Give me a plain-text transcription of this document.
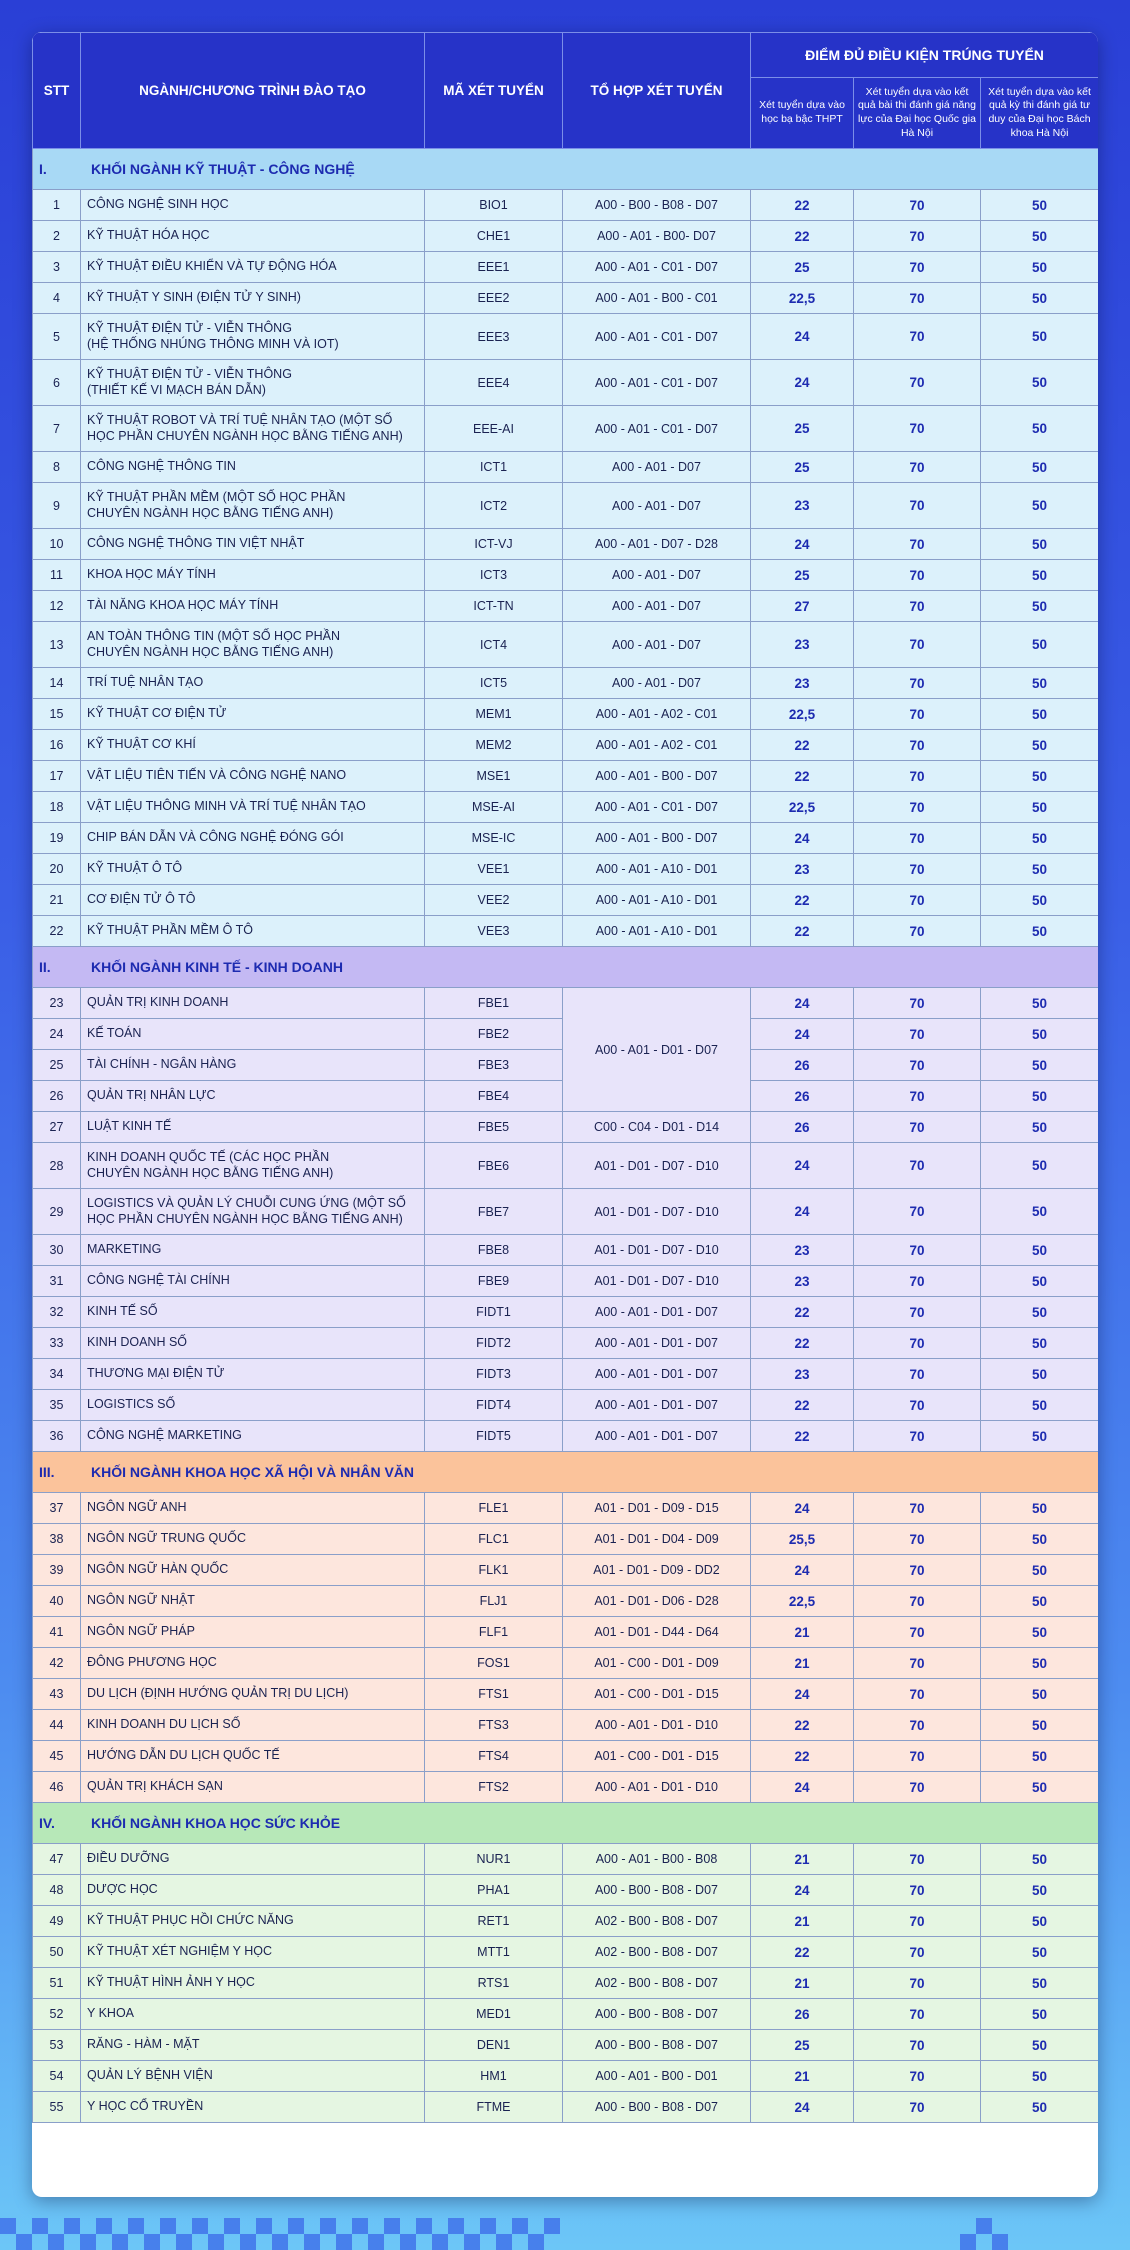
STT	NGÀNH/CHƯƠNG TRÌNH ĐÀO TẠO	MÃ XÉT TUYỂN	TỔ HỢP XÉT TUYỂN	ĐIỂM ĐỦ ĐIỀU KIỆN TRÚNG TUYỂN		
				Xét tuyển dựa vào học bạ bậc THPT	Xét tuyển dựa vào kết quả bài thi đánh giá năng lực của Đại học Quốc gia Hà Nội	Xét tuyển dựa vào kết quả kỳ thi đánh giá tư duy của Đại học Bách khoa Hà Nội
I. KHỐI NGÀNH KỸ THUẬT - CÔNG NGHỆ						
1	CÔNG NGHỆ SINH HỌC	BIO1	A00 - B00 - B08 - D07	22	70	50
2	KỸ THUẬT HÓA HỌC	CHE1	A00 - A01 - B00- D07	22	70	50
3	KỸ THUẬT ĐIỀU KHIỂN VÀ TỰ ĐỘNG HÓA	EEE1	A00 - A01 - C01 - D07	25	70	50
4	KỸ THUẬT Y SINH (ĐIỆN TỬ Y SINH)	EEE2	A00 - A01 - B00 - C01	22,5	70	50
5	KỸ THUẬT ĐIỆN TỬ - VIỄN THÔNG
(HỆ THỐNG NHÚNG THÔNG MINH VÀ IOT)	EEE3	A00 - A01 - C01 - D07	24	70	50
6	KỸ THUẬT ĐIỆN TỬ - VIỄN THÔNG
(THIẾT KẾ VI MẠCH BÁN DẪN)	EEE4	A00 - A01 - C01 - D07	24	70	50
7	KỸ THUẬT ROBOT VÀ TRÍ TUỆ NHÂN TẠO (MỘT SỐ
HỌC PHẦN CHUYÊN NGÀNH HỌC BẰNG TIẾNG ANH)	EEE-AI	A00 - A01 - C01 - D07	25	70	50
8	CÔNG NGHỆ THÔNG TIN	ICT1	A00 - A01 - D07	25	70	50
9	KỸ THUẬT PHẦN MỀM (MỘT SỐ HỌC PHẦN
CHUYÊN NGÀNH HỌC BẰNG TIẾNG ANH)	ICT2	A00 - A01 - D07	23	70	50
10	CÔNG NGHỆ THÔNG TIN VIỆT NHẬT	ICT-VJ	A00 - A01 - D07 - D28	24	70	50
11	KHOA HỌC MÁY TÍNH	ICT3	A00 - A01 - D07	25	70	50
12	TÀI NĂNG KHOA HỌC MÁY TÍNH	ICT-TN	A00 - A01 - D07	27	70	50
13	AN TOÀN THÔNG TIN (MỘT SỐ HỌC PHẦN
CHUYÊN NGÀNH HỌC BẰNG TIẾNG ANH)	ICT4	A00 - A01 - D07	23	70	50
14	TRÍ TUỆ NHÂN TẠO	ICT5	A00 - A01 - D07	23	70	50
15	KỸ THUẬT CƠ ĐIỆN TỬ	MEM1	A00 - A01 - A02 - C01	22,5	70	50
16	KỸ THUẬT CƠ KHÍ	MEM2	A00 - A01 - A02 - C01	22	70	50
17	VẬT LIỆU TIÊN TIẾN VÀ CÔNG NGHỆ NANO	MSE1	A00 - A01 - B00 - D07	22	70	50
18	VẬT LIỆU THÔNG MINH VÀ TRÍ TUỆ NHÂN TẠO	MSE-AI	A00 - A01 - C01 - D07	22,5	70	50
19	CHIP BÁN DẪN VÀ CÔNG NGHỆ ĐÓNG GÓI	MSE-IC	A00 - A01 - B00 - D07	24	70	50
20	KỸ THUẬT Ô TÔ	VEE1	A00 - A01 - A10 - D01	23	70	50
21	CƠ ĐIỆN TỬ Ô TÔ	VEE2	A00 - A01 - A10 - D01	22	70	50
22	KỸ THUẬT PHẦN MỀM Ô TÔ	VEE3	A00 - A01 - A10 - D01	22	70	50
II. KHỐI NGÀNH KINH TẾ - KINH DOANH						
23	QUẢN TRỊ KINH DOANH	FBE1	A00 - A01 - D01 - D07	24	70	50
24	KẾ TOÁN	FBE2		24	70	50
25	TÀI CHÍNH - NGÂN HÀNG	FBE3		26	70	50
26	QUẢN TRỊ NHÂN LỰC	FBE4		26	70	50
27	LUẬT KINH TẾ	FBE5	C00 - C04 - D01 - D14	26	70	50
28	KINH DOANH QUỐC TẾ (CÁC HỌC PHẦN
CHUYÊN NGÀNH HỌC BẰNG TIẾNG ANH)	FBE6	A01 - D01 - D07 - D10	24	70	50
29	LOGISTICS VÀ QUẢN LÝ CHUỖI CUNG ỨNG (MỘT SỐ
HỌC PHẦN CHUYÊN NGÀNH HỌC BẰNG TIẾNG ANH)	FBE7	A01 - D01 - D07 - D10	24	70	50
30	MARKETING	FBE8	A01 - D01 - D07 - D10	23	70	50
31	CÔNG NGHỆ TÀI CHÍNH	FBE9	A01 - D01 - D07 - D10	23	70	50
32	KINH TẾ SỐ	FIDT1	A00 - A01 - D01 - D07	22	70	50
33	KINH DOANH SỐ	FIDT2	A00 - A01 - D01 - D07	22	70	50
34	THƯƠNG MẠI ĐIỆN TỬ	FIDT3	A00 - A01 - D01 - D07	23	70	50
35	LOGISTICS SỐ	FIDT4	A00 - A01 - D01 - D07	22	70	50
36	CÔNG NGHỆ MARKETING	FIDT5	A00 - A01 - D01 - D07	22	70	50
III. KHỐI NGÀNH KHOA HỌC XÃ HỘI VÀ NHÂN VĂN						
37	NGÔN NGỮ ANH	FLE1	A01 - D01 - D09 - D15	24	70	50
38	NGÔN NGỮ TRUNG QUỐC	FLC1	A01 - D01 - D04 - D09	25,5	70	50
39	NGÔN NGỮ HÀN QUỐC	FLK1	A01 - D01 - D09 - DD2	24	70	50
40	NGÔN NGỮ NHẬT	FLJ1	A01 - D01 - D06 - D28	22,5	70	50
41	NGÔN NGỮ PHÁP	FLF1	A01 - D01 - D44 - D64	21	70	50
42	ĐÔNG PHƯƠNG HỌC	FOS1	A01 - C00 - D01 - D09	21	70	50
43	DU LỊCH (ĐỊNH HƯỚNG QUẢN TRỊ DU LỊCH)	FTS1	A01 - C00 - D01 - D15	24	70	50
44	KINH DOANH DU LỊCH SỐ	FTS3	A00 - A01 - D01 - D10	22	70	50
45	HƯỚNG DẪN DU LỊCH QUỐC TẾ	FTS4	A01 - C00 - D01 - D15	22	70	50
46	QUẢN TRỊ KHÁCH SẠN	FTS2	A00 - A01 - D01 - D10	24	70	50
IV. KHỐI NGÀNH KHOA HỌC SỨC KHỎE						
47	ĐIỀU DƯỠNG	NUR1	A00 - A01 - B00 - B08	21	70	50
48	DƯỢC HỌC	PHA1	A00 - B00 - B08 - D07	24	70	50
49	KỸ THUẬT PHỤC HỒI CHỨC NĂNG	RET1	A02 - B00 - B08 - D07	21	70	50
50	KỸ THUẬT XÉT NGHIỆM Y HỌC	MTT1	A02 - B00 - B08 - D07	22	70	50
51	KỸ THUẬT HÌNH ẢNH Y HỌC	RTS1	A02 - B00 - B08 - D07	21	70	50
52	Y KHOA	MED1	A00 - B00 - B08 - D07	26	70	50
53	RĂNG - HÀM - MẶT	DEN1	A00 - B00 - B08 - D07	25	70	50
54	QUẢN LÝ BỆNH VIỆN	HM1	A00 - A01 - B00 - D01	21	70	50
55	Y HỌC CỔ TRUYỀN	FTME	A00 - B00 - B08 - D07	24	70	50
